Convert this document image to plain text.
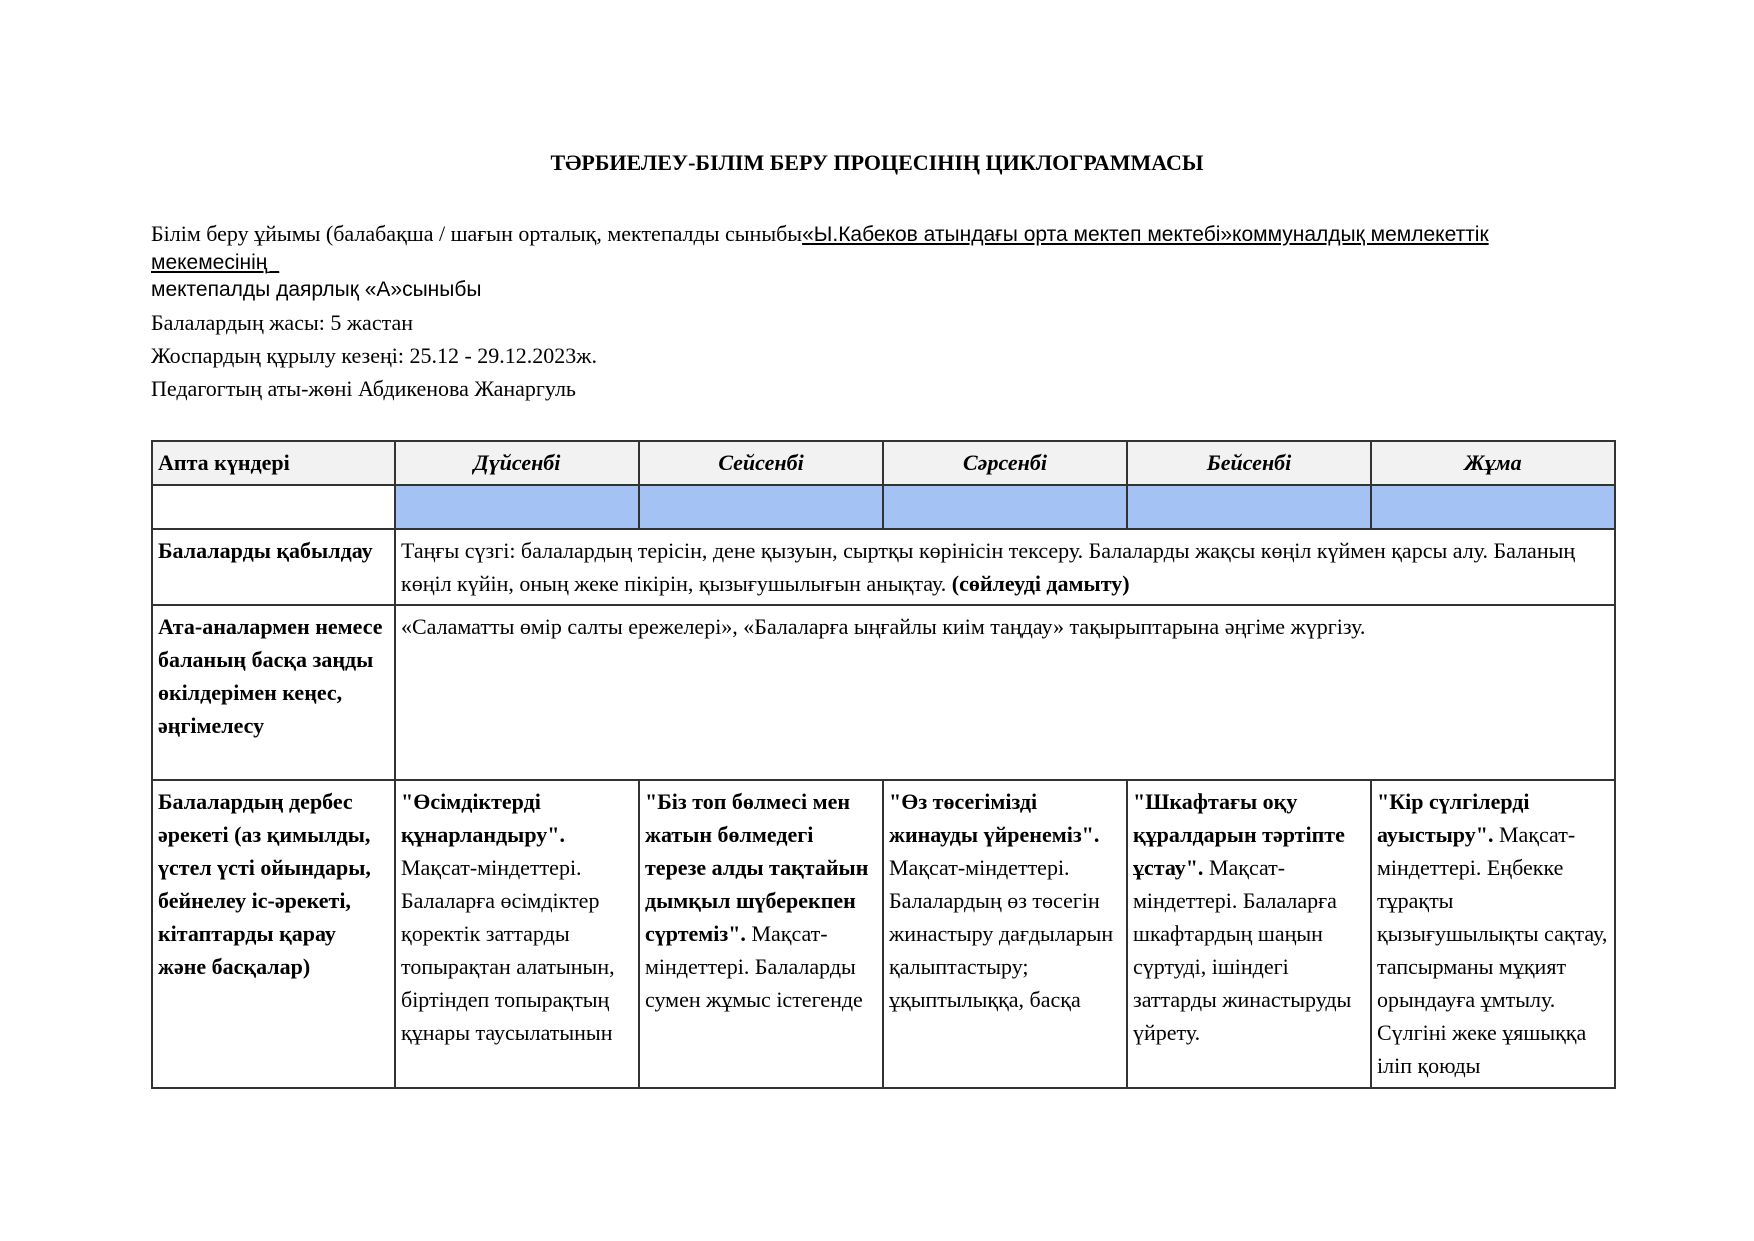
ТӘРБИЕЛЕУ-БІЛІМ БЕРУ ПРОЦЕСІНІҢ ЦИКЛОГРАММАСЫ
Білім беру ұйымы (балабақша / шағын орталық, мектепалды сыныбы«Ы.Кабеков атындағы орта мектеп мектебі»коммуналдық мемлекеттік мекемесінің_
мектепалды даярлық «А»сыныбы
Балалардың жасы: 5 жастан
Жоспардың құрылу кезеңі: 25.12 - 29.12.2023ж.
Педагогтың аты-жөні Абдикенова Жанаргуль
Апта күндері	Дүйсенбі	Сейсенбі	Сәрсенбі	Бейсенбі	Жұма

Балаларды қабылдау	Таңғы сүзгі: балалардың терісін, дене қызуын, сыртқы көрінісін тексеру. Балаларды жақсы көңіл күймен қарсы алу. Баланың көңіл күйін, оның жеке пікірін, қызығушылығын анықтау. (сөйлеуді дамыту)				
Ата-аналармен немесе баланың басқа заңды өкілдерімен кеңес, әңгімелесу	«Саламатты өмір салты ережелері», «Балаларға ыңғайлы киім таңдау» тақырыптарына әңгіме жүргізу.				
Балалардың дербес әрекеті (аз қимылды, үстел үсті ойындары, бейнелеу іс-әрекеті, кітаптарды қарау және басқалар)	"Өсімдіктерді құнарландыру". Мақсат-міндеттері. Балаларға өсімдіктер қоректік заттарды топырақтан алатынын, біртіндеп топырақтың құнары таусылатынын	"Біз топ бөлмесі мен жатын бөлмедегі терезе алды тақтайын дымқыл шүберекпен сүртеміз". Мақсат-міндеттері. Балаларды сумен жұмыс істегенде	"Өз төсегімізді жинауды үйренеміз". Мақсат-міндеттері. Балалардың өз төсегін жинастыру дағдыларын қалыптастыру; ұқыптылыққа, басқа	"Шкафтағы оқу құралдарын тәртіпте ұстау". Мақсат-міндеттері. Балаларға шкафтардың шаңын сүртуді, ішіндегі заттарды жинастыруды үйрету.	"Кір сүлгілерді ауыстыру". Мақсат-міндеттері. Еңбекке тұрақты қызығушылықты сақтау, тапсырманы мұқият орындауға ұмтылу. Сүлгіні жеке ұяшыққа іліп қоюды
